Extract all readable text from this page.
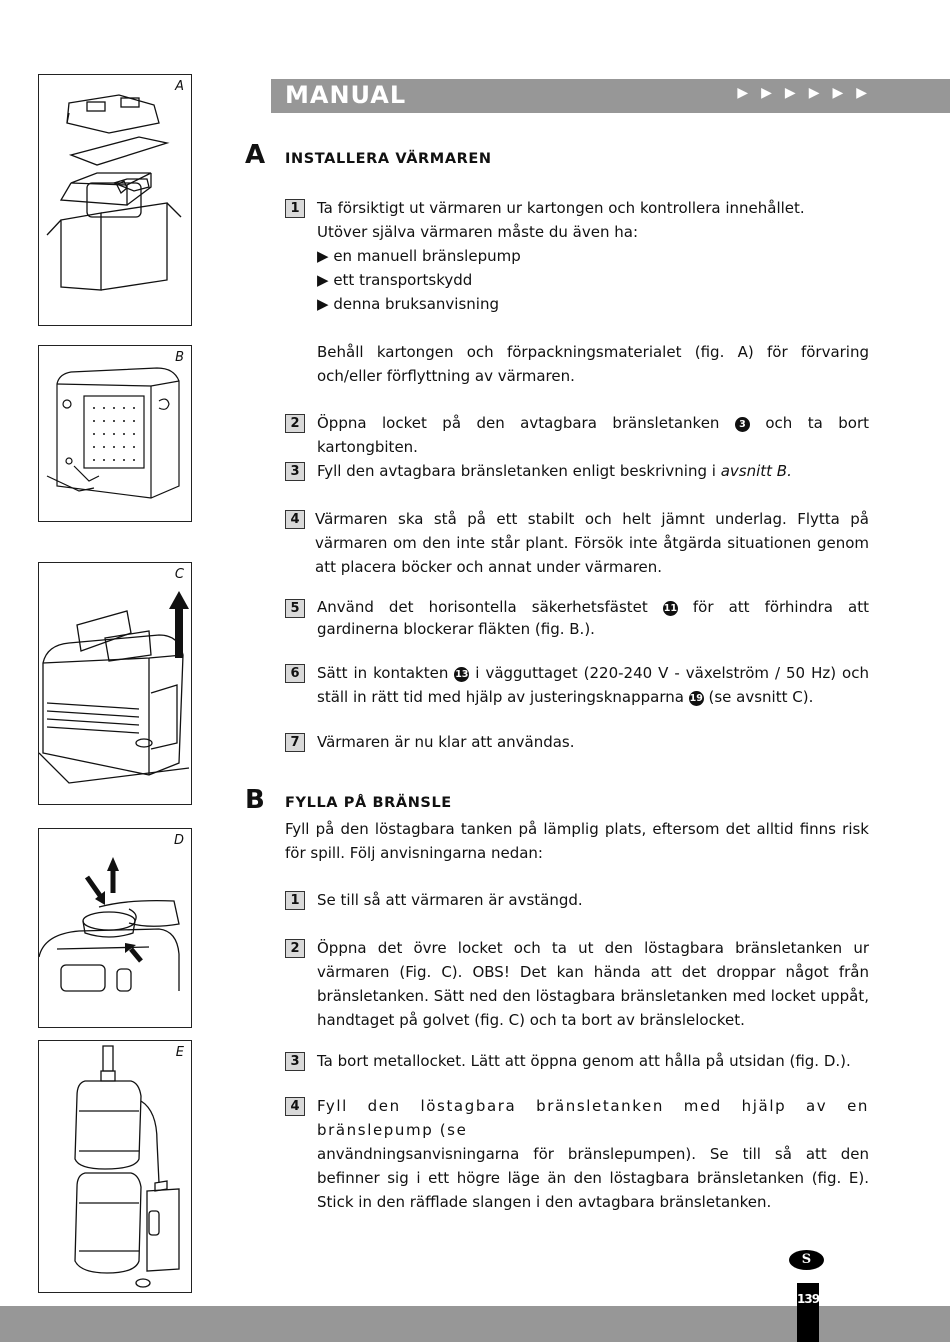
A
B
C
D
E
MANUAL	▶▶▶▶▶▶
A INSTALLERA VÄRMAREN
1	Ta försiktigt ut värmaren ur kartongen och kontrollera innehållet.
Utöver själva värmaren måste du även ha:
▶ en manuell bränslepump
▶ ett transportskydd
▶ denna bruksanvisning
Behåll kartongen och förpackningsmaterialet (fig. A) för förvaring och/eller förflyttning av värmaren.
2	Öppna locket på den avtagbara bränsletanken 3 och ta bort kartongbiten.
3	Fyll den avtagbara bränsletanken enligt beskrivning i avsnitt B.
4	Värmaren ska stå på ett stabilt och helt jämnt underlag. Flytta på värmaren om den inte står plant. Försök inte åtgärda situationen genom att placera böcker och annat under värmaren.
5	Använd det horisontella säkerhetsfästet 11 för att förhindra att gardinerna blockerar fläkten (fig. B.).
6	Sätt in kontakten 13 i vägguttaget (220-240 V - växelström / 50 Hz) och ställ in rätt tid med hjälp av justeringsknapparna 19 (se avsnitt C).
7	Värmaren är nu klar att användas.
B FYLLA PÅ BRÄNSLE
Fyll på den löstagbara tanken på lämplig plats, eftersom det alltid finns risk för spill. Följ anvisningarna nedan:
1	Se till så att värmaren är avstängd.
2	Öppna det övre locket och ta ut den löstagbara bränsletanken ur värmaren (Fig. C). OBS! Det kan hända att det droppar något från bränsletanken. Sätt ned den löstagbara bränsletanken med locket uppåt, handtaget på golvet (fig. C) och ta bort av bränslelocket.
3	Ta bort metallocket. Lätt att öppna genom att hålla på utsidan (fig. D.).
4	Fyll den löstagbara bränsletanken med hjälp av en bränslepump (se
användningsanvisningarna för bränslepumpen). Se till så att den befinner sig i ett högre läge än den löstagbara bränsletanken (fig. E). Stick in den räfflade slangen i den avtagbara bränsletanken.
S
139
